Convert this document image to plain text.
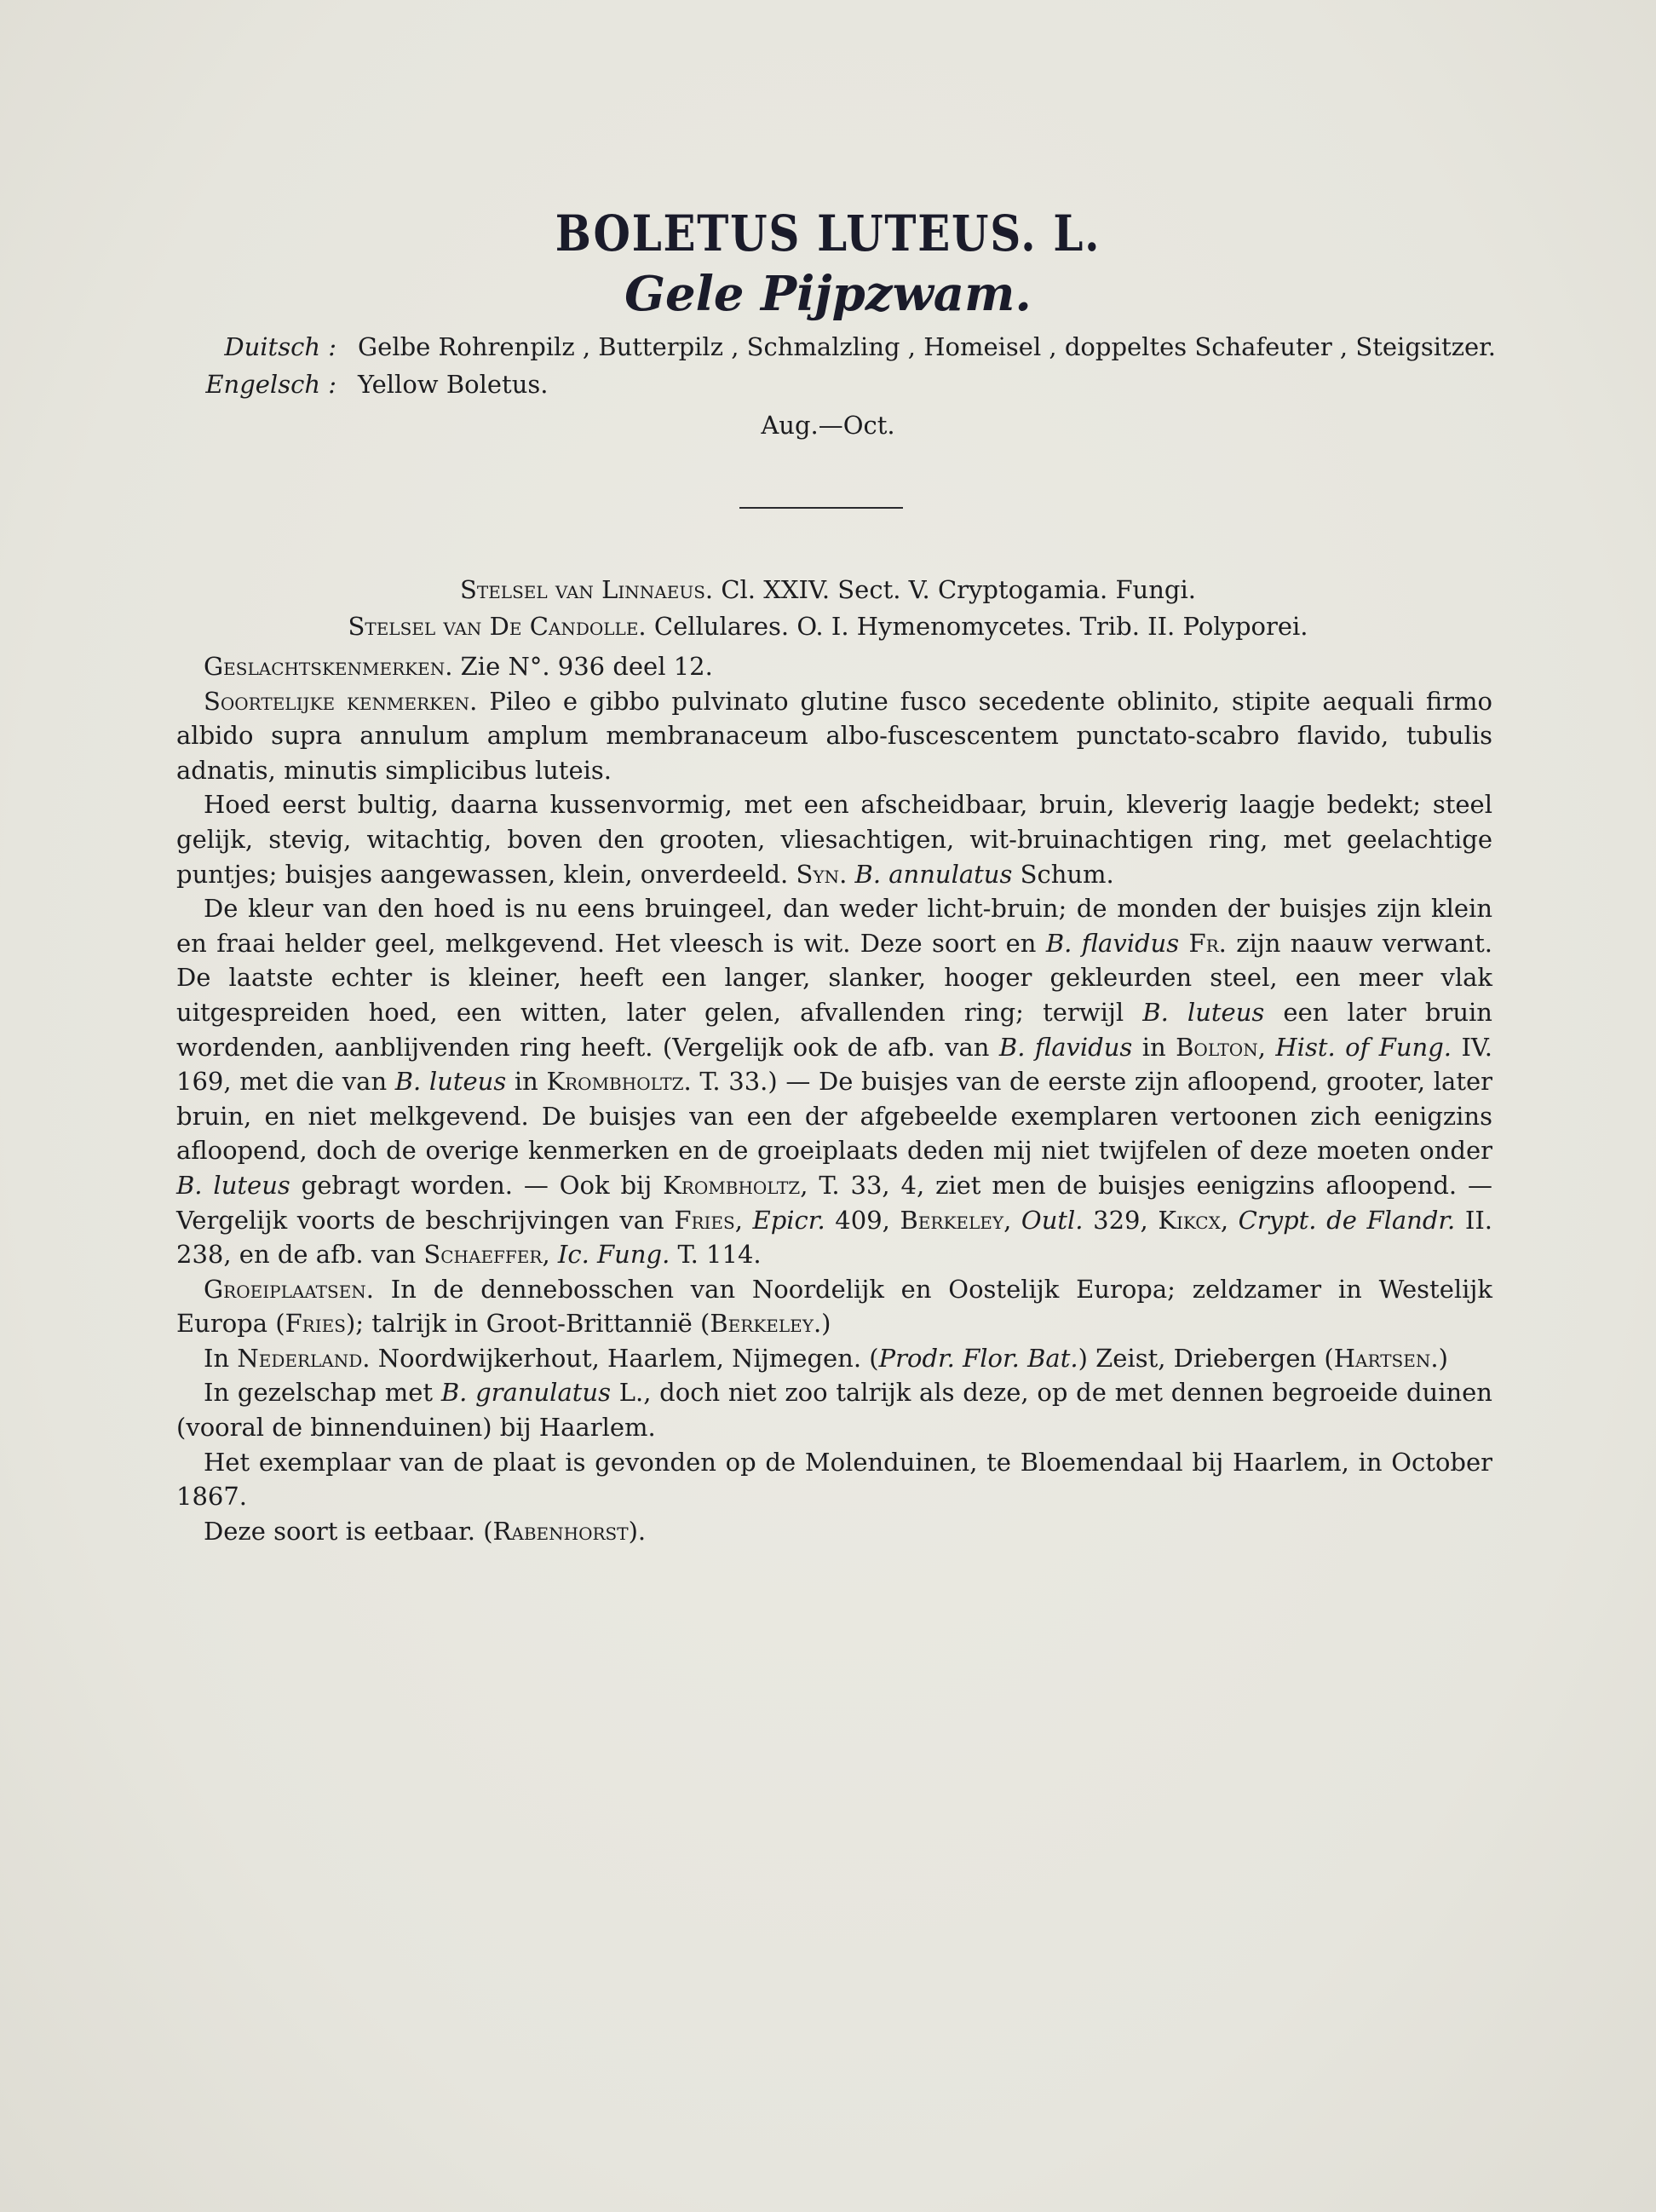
BOLETUS LUTEUS. L.
Gele Pijpzwam.
Duitsch : Gelbe Rohrenpilz , Butterpilz , Schmalzling , Homeisel , doppeltes Schafeuter , Steigsitzer.
Engelsch : Yellow Boletus.
Aug.—Oct.
Stelsel van Linnaeus. Cl. XXIV. Sect. V. Cryptogamia. Fungi.
Stelsel van De Candolle. Cellulares. O. I. Hymenomycetes. Trib. II. Polyporei.

Geslachtskenmerken. Zie N°. 936 deel 12.

Soortelijke kenmerken. Pileo e gibbo pulvinato glutine fusco secedente oblinito, stipite aequali firmo albido supra annulum amplum membranaceum albo-fuscescentem punctato-scabro flavido, tubulis adnatis, minutis simplicibus luteis.

Hoed eerst bultig, daarna kussenvormig, met een afscheidbaar, bruin, kleverig laagje bedekt; steel gelijk, stevig, witachtig, boven den grooten, vliesachtigen, wit-bruinachtigen ring, met geelachtige puntjes; buisjes aangewassen, klein, onverdeeld. Syn. B. annulatus Schum.

De kleur van den hoed is nu eens bruingeel, dan weder licht-bruin; de monden der buisjes zijn klein en fraai helder geel, melkgevend. Het vleesch is wit. Deze soort en B. flavidus Fr. zijn naauw verwant. De laatste echter is kleiner, heeft een langer, slanker, hooger gekleurden steel, een meer vlak uitgespreiden hoed, een witten, later gelen, afvallenden ring; terwijl B. luteus een later bruin wordenden, aanblijvenden ring heeft. (Vergelijk ook de afb. van B. flavidus in Bolton, Hist. of Fung. IV. 169, met die van B. luteus in Krombholtz. T. 33.) — De buisjes van de eerste zijn afloopend, grooter, later bruin, en niet melkgevend. De buisjes van een der afgebeelde exemplaren vertoonen zich eenigzins afloopend, doch de overige kenmerken en de groeiplaats deden mij niet twijfelen of deze moeten onder B. luteus gebragt worden. — Ook bij Krombholtz, T. 33, 4, ziet men de buisjes eenigzins afloopend. — Vergelijk voorts de beschrijvingen van Fries, Epicr. 409, Berkeley, Outl. 329, Kikcx, Crypt. de Flandr. II. 238, en de afb. van Schaeffer, Ic. Fung. T. 114.

Groeiplaatsen. In de dennebosschen van Noordelijk en Oostelijk Europa; zeldzamer in Westelijk Europa (Fries); talrijk in Groot-Brittannië (Berkeley.)

In Nederland. Noordwijkerhout, Haarlem, Nijmegen. (Prodr. Flor. Bat.) Zeist, Driebergen (Hartsen.)

In gezelschap met B. granulatus L., doch niet zoo talrijk als deze, op de met dennen begroeide duinen (vooral de binnenduinen) bij Haarlem.

Het exemplaar van de plaat is gevonden op de Molenduinen, te Bloemendaal bij Haarlem, in October 1867.

Deze soort is eetbaar. (Rabenhorst).
